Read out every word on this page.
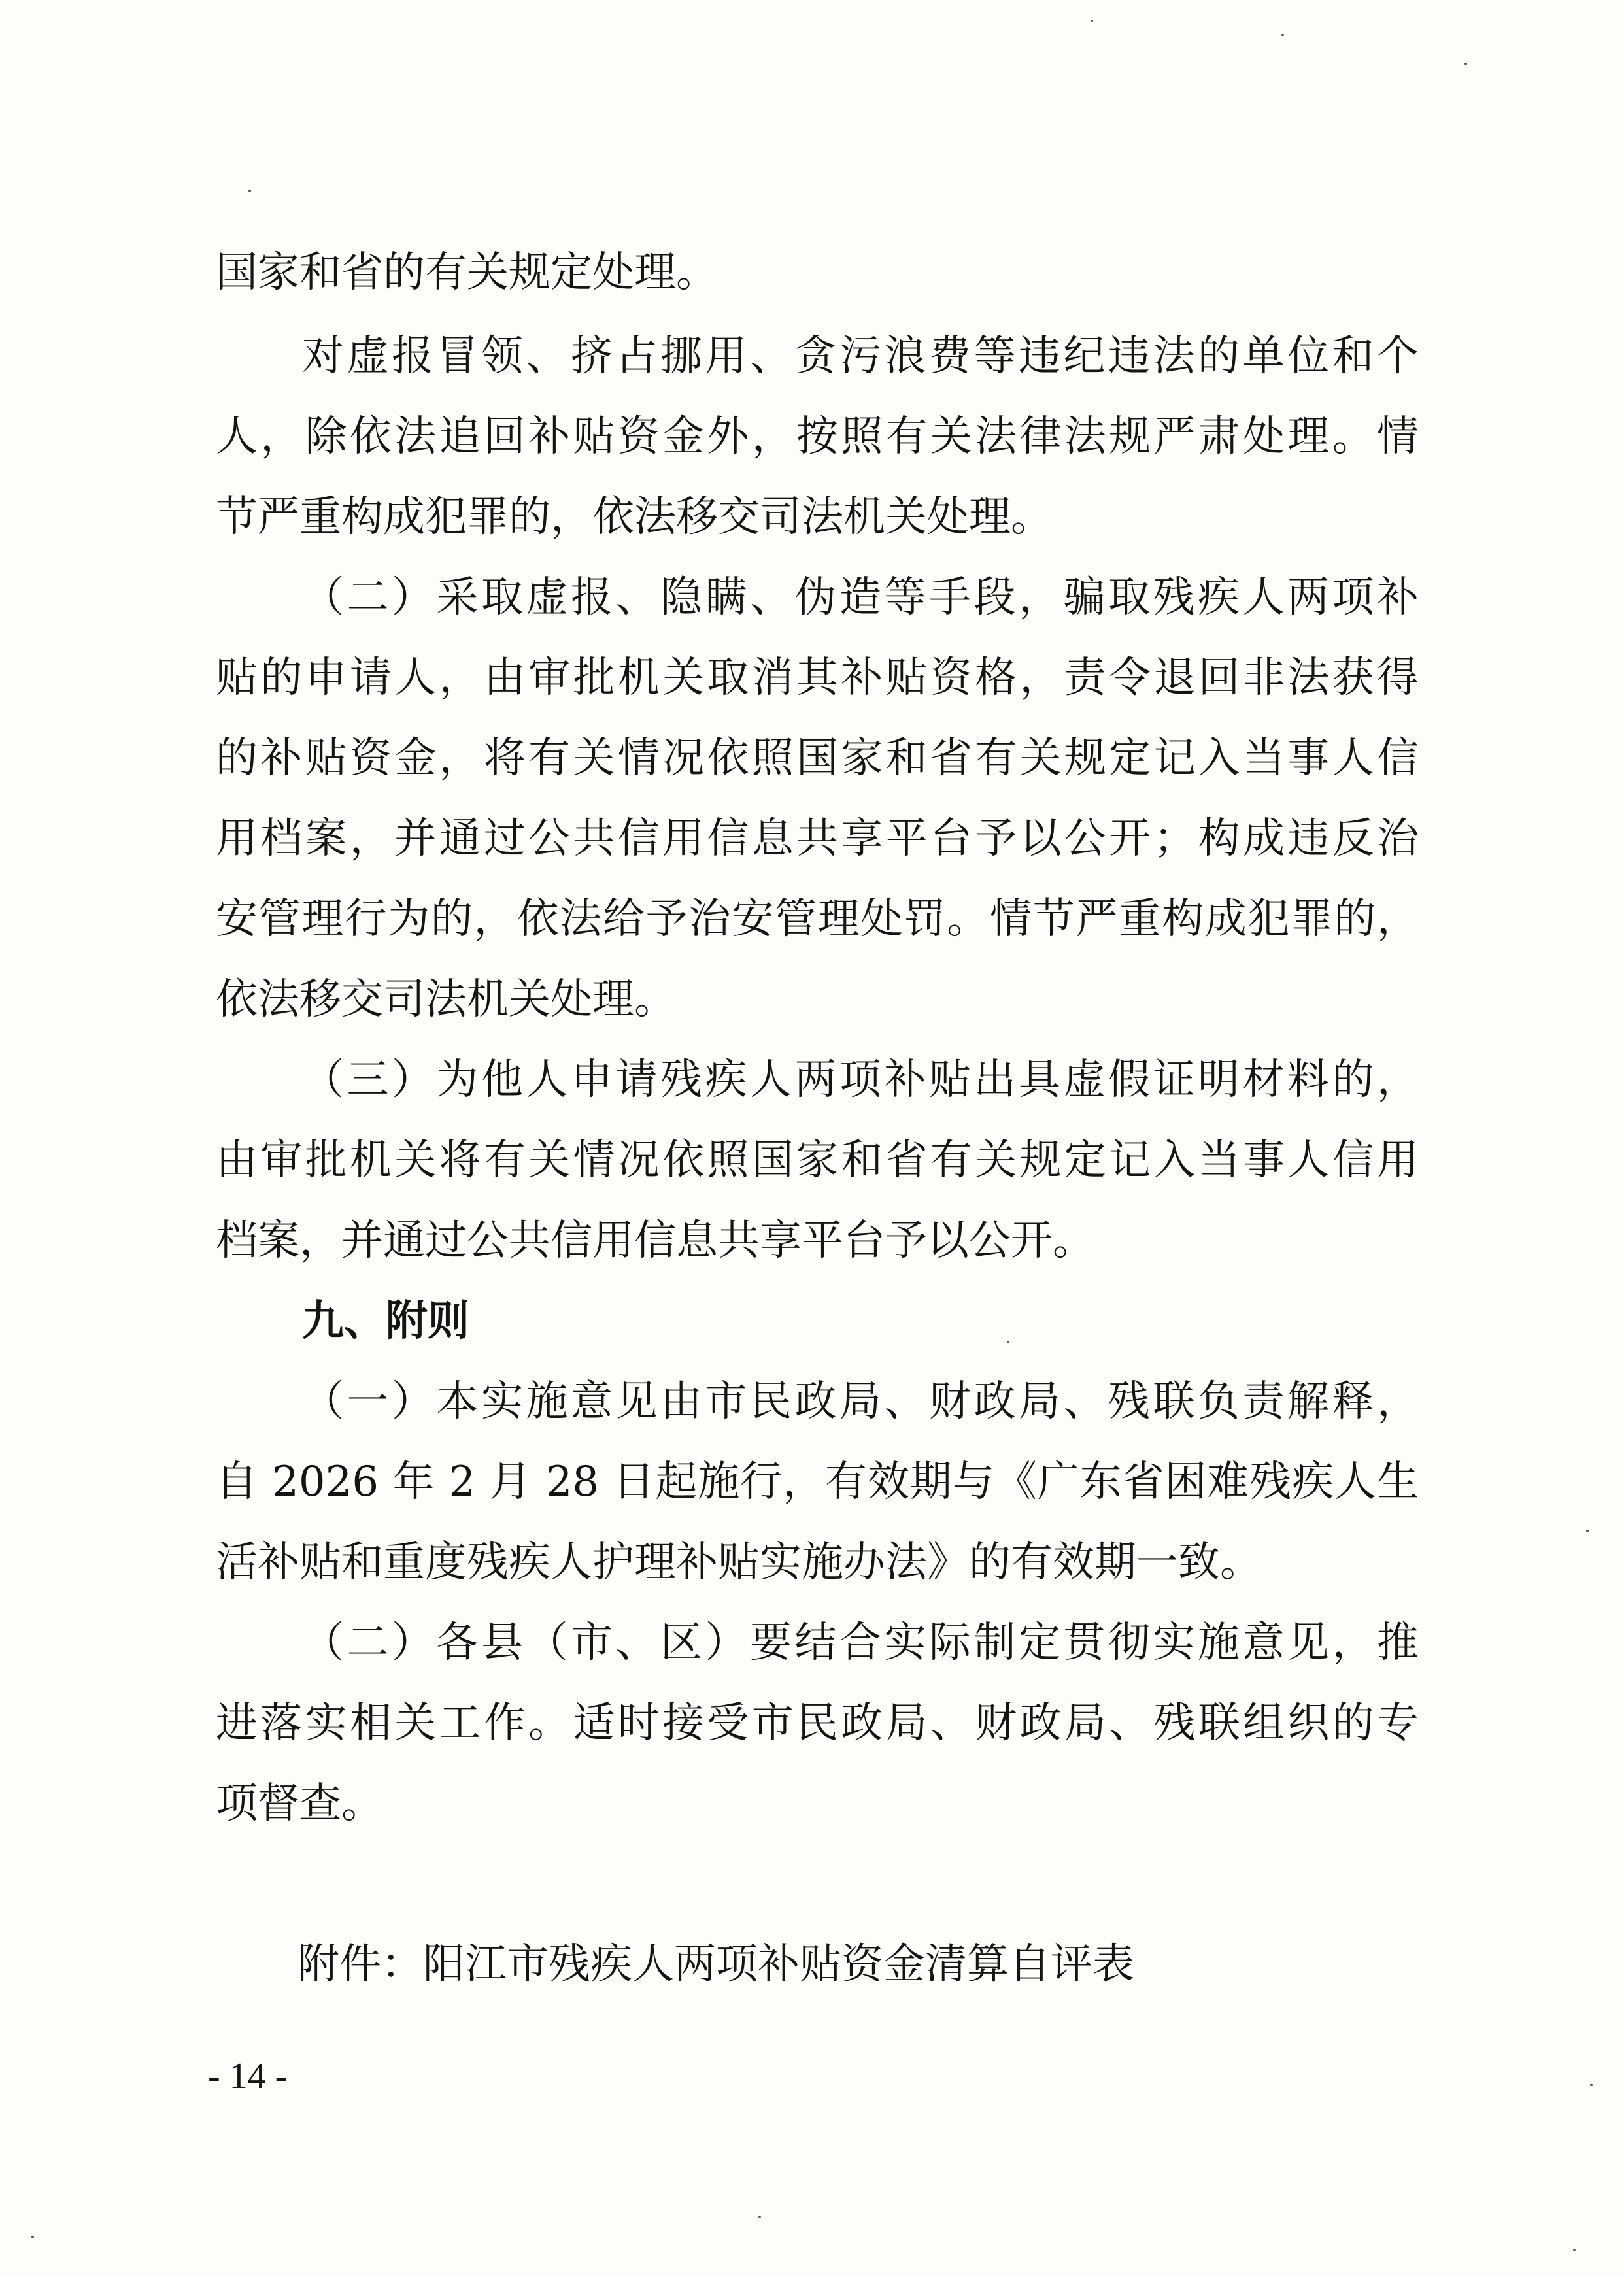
国家和省的有关规定处理。

对虚报冒领、挤占挪用、贪污浪费等违纪违法的单位和个

人，除依法追回补贴资金外，按照有关法律法规严肃处理。情

节严重构成犯罪的，依法移交司法机关处理。

（二）采取虚报、隐瞒、伪造等手段，骗取残疾人两项补

贴的申请人，由审批机关取消其补贴资格，责令退回非法获得

的补贴资金，将有关情况依照国家和省有关规定记入当事人信

用档案，并通过公共信用信息共享平台予以公开；构成违反治

安管理行为的，依法给予治安管理处罚。情节严重构成犯罪的，

依法移交司法机关处理。

（三）为他人申请残疾人两项补贴出具虚假证明材料的，

由审批机关将有关情况依照国家和省有关规定记入当事人信用

档案，并通过公共信用信息共享平台予以公开。

九、附则

（一）本实施意见由市民政局、财政局、残联负责解释，

自 2026 年 2 月 28 日起施行，有效期与《广东省困难残疾人生

活补贴和重度残疾人护理补贴实施办法》的有效期一致。

（二）各县（市、区）要结合实际制定贯彻实施意见，推

进落实相关工作。适时接受市民政局、财政局、残联组织的专

项督查。

附件：阳江市残疾人两项补贴资金清算自评表

- 14 -
